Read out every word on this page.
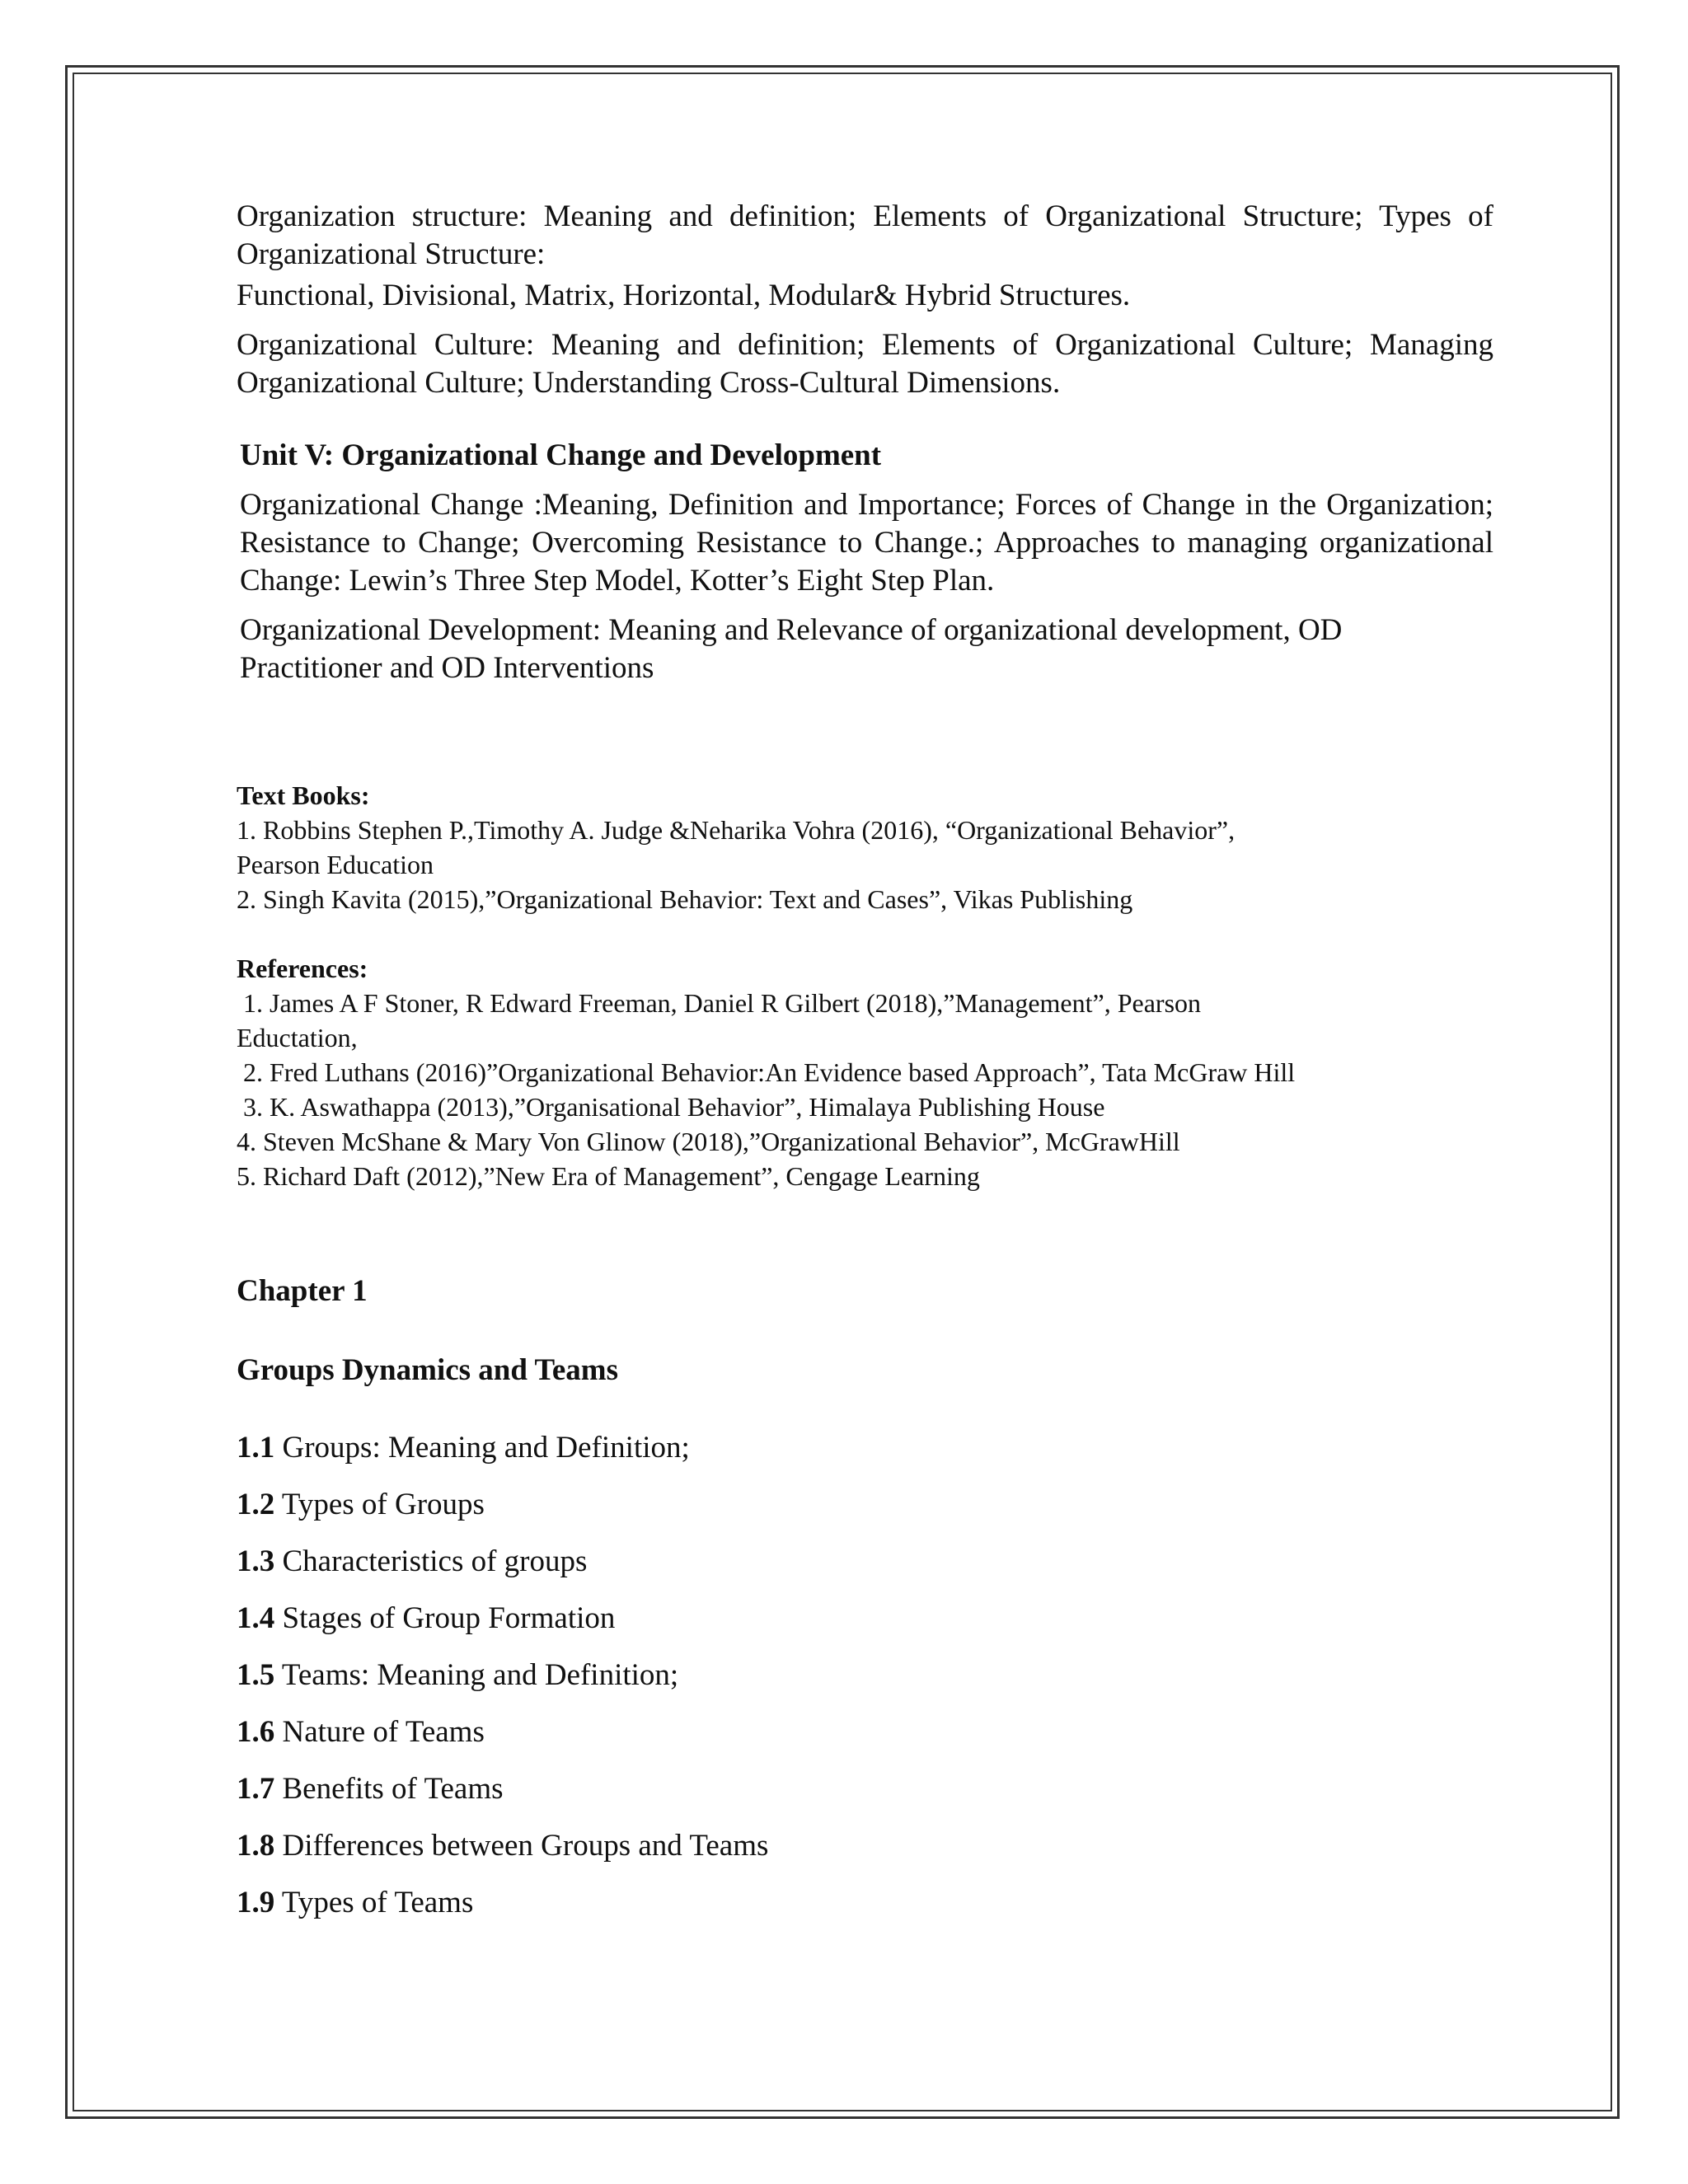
Organization structure: Meaning and definition; Elements of Organizational Structure; Types of Organizational Structure:

Functional, Divisional, Matrix, Horizontal, Modular& Hybrid Structures.

Organizational Culture: Meaning and definition; Elements of Organizational Culture; Managing Organizational Culture; Understanding Cross-Cultural Dimensions.

Unit V: Organizational Change and Development

Organizational Change :Meaning, Definition and Importance; Forces of Change in the Organization; Resistance to Change; Overcoming Resistance to Change.; Approaches to managing organizational Change: Lewin’s Three Step Model, Kotter’s Eight Step Plan.

Organizational Development: Meaning and Relevance of organizational development, OD Practitioner and OD Interventions

Text Books:

1. Robbins Stephen P.,Timothy A. Judge &Neharika Vohra (2016), “Organizational Behavior”,

Pearson Education

2. Singh Kavita (2015),”Organizational Behavior: Text and Cases”, Vikas Publishing

References:

1. James A F Stoner, R Edward Freeman, Daniel R Gilbert (2018),”Management”, Pearson

Eductation,

2. Fred Luthans (2016)”Organizational Behavior:An Evidence based Approach”, Tata McGraw Hill

3. K. Aswathappa (2013),”Organisational Behavior”, Himalaya Publishing House

4. Steven McShane & Mary Von Glinow (2018),”Organizational Behavior”, McGrawHill

5. Richard Daft (2012),”New Era of Management”, Cengage Learning

Chapter 1

Groups Dynamics and Teams

1.1 Groups: Meaning and Definition;

1.2 Types of Groups

1.3 Characteristics of groups

1.4 Stages of Group Formation

1.5 Teams: Meaning and Definition;

1.6 Nature of Teams

1.7 Benefits of Teams

1.8 Differences between Groups and Teams

1.9 Types of Teams
